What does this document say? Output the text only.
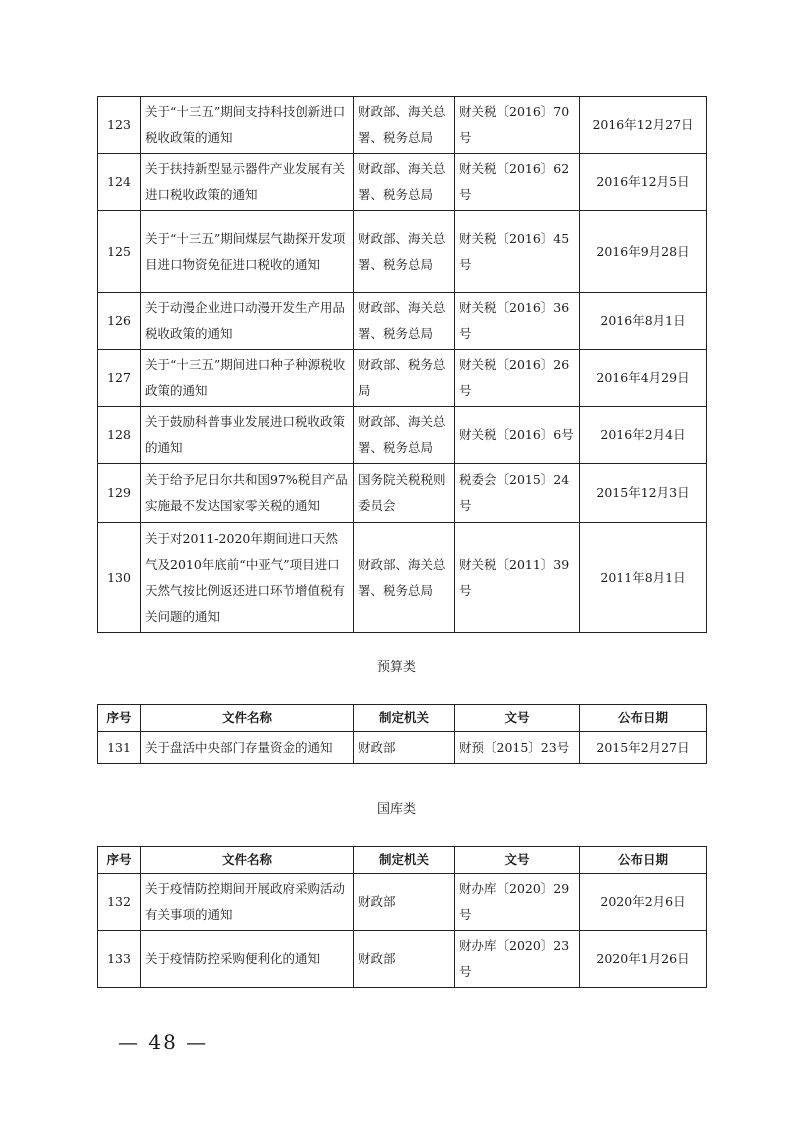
123	关于“十三五”期间支持科技创新进口税收政策的通知	财政部、海关总署、税务总局	财关税〔2016〕70号	2016年12月27日
124	关于扶持新型显示器件产业发展有关进口税收政策的通知	财政部、海关总署、税务总局	财关税〔2016〕62号	2016年12月5日
125	关于“十三五”期间煤层气勘探开发项目进口物资免征进口税收的通知	财政部、海关总署、税务总局	财关税〔2016〕45号	2016年9月28日
126	关于动漫企业进口动漫开发生产用品税收政策的通知	财政部、海关总署、税务总局	财关税〔2016〕36号	2016年8月1日
127	关于“十三五”期间进口种子种源税收政策的通知	财政部、税务总局	财关税〔2016〕26号	2016年4月29日
128	关于鼓励科普事业发展进口税收政策的通知	财政部、海关总署、税务总局	财关税〔2016〕6号	2016年2月4日
129	关于给予尼日尔共和国97%税目产品实施最不发达国家零关税的通知	国务院关税税则委员会	税委会〔2015〕24号	2015年12月3日
130	关于对2011-2020年期间进口天然气及2010年底前“中亚气”项目进口天然气按比例返还进口环节增值税有关问题的通知	财政部、海关总署、税务总局	财关税〔2011〕39号	2011年8月1日
预算类
序号	文件名称	制定机关	文号	公布日期
131	关于盘活中央部门存量资金的通知	财政部	财预〔2015〕23号	2015年2月27日
国库类
序号	文件名称	制定机关	文号	公布日期
132	关于疫情防控期间开展政府采购活动有关事项的通知	财政部	财办库〔2020〕29号	2020年2月6日
133	关于疫情防控采购便利化的通知	财政部	财办库〔2020〕23号	2020年1月26日
— 48 —
